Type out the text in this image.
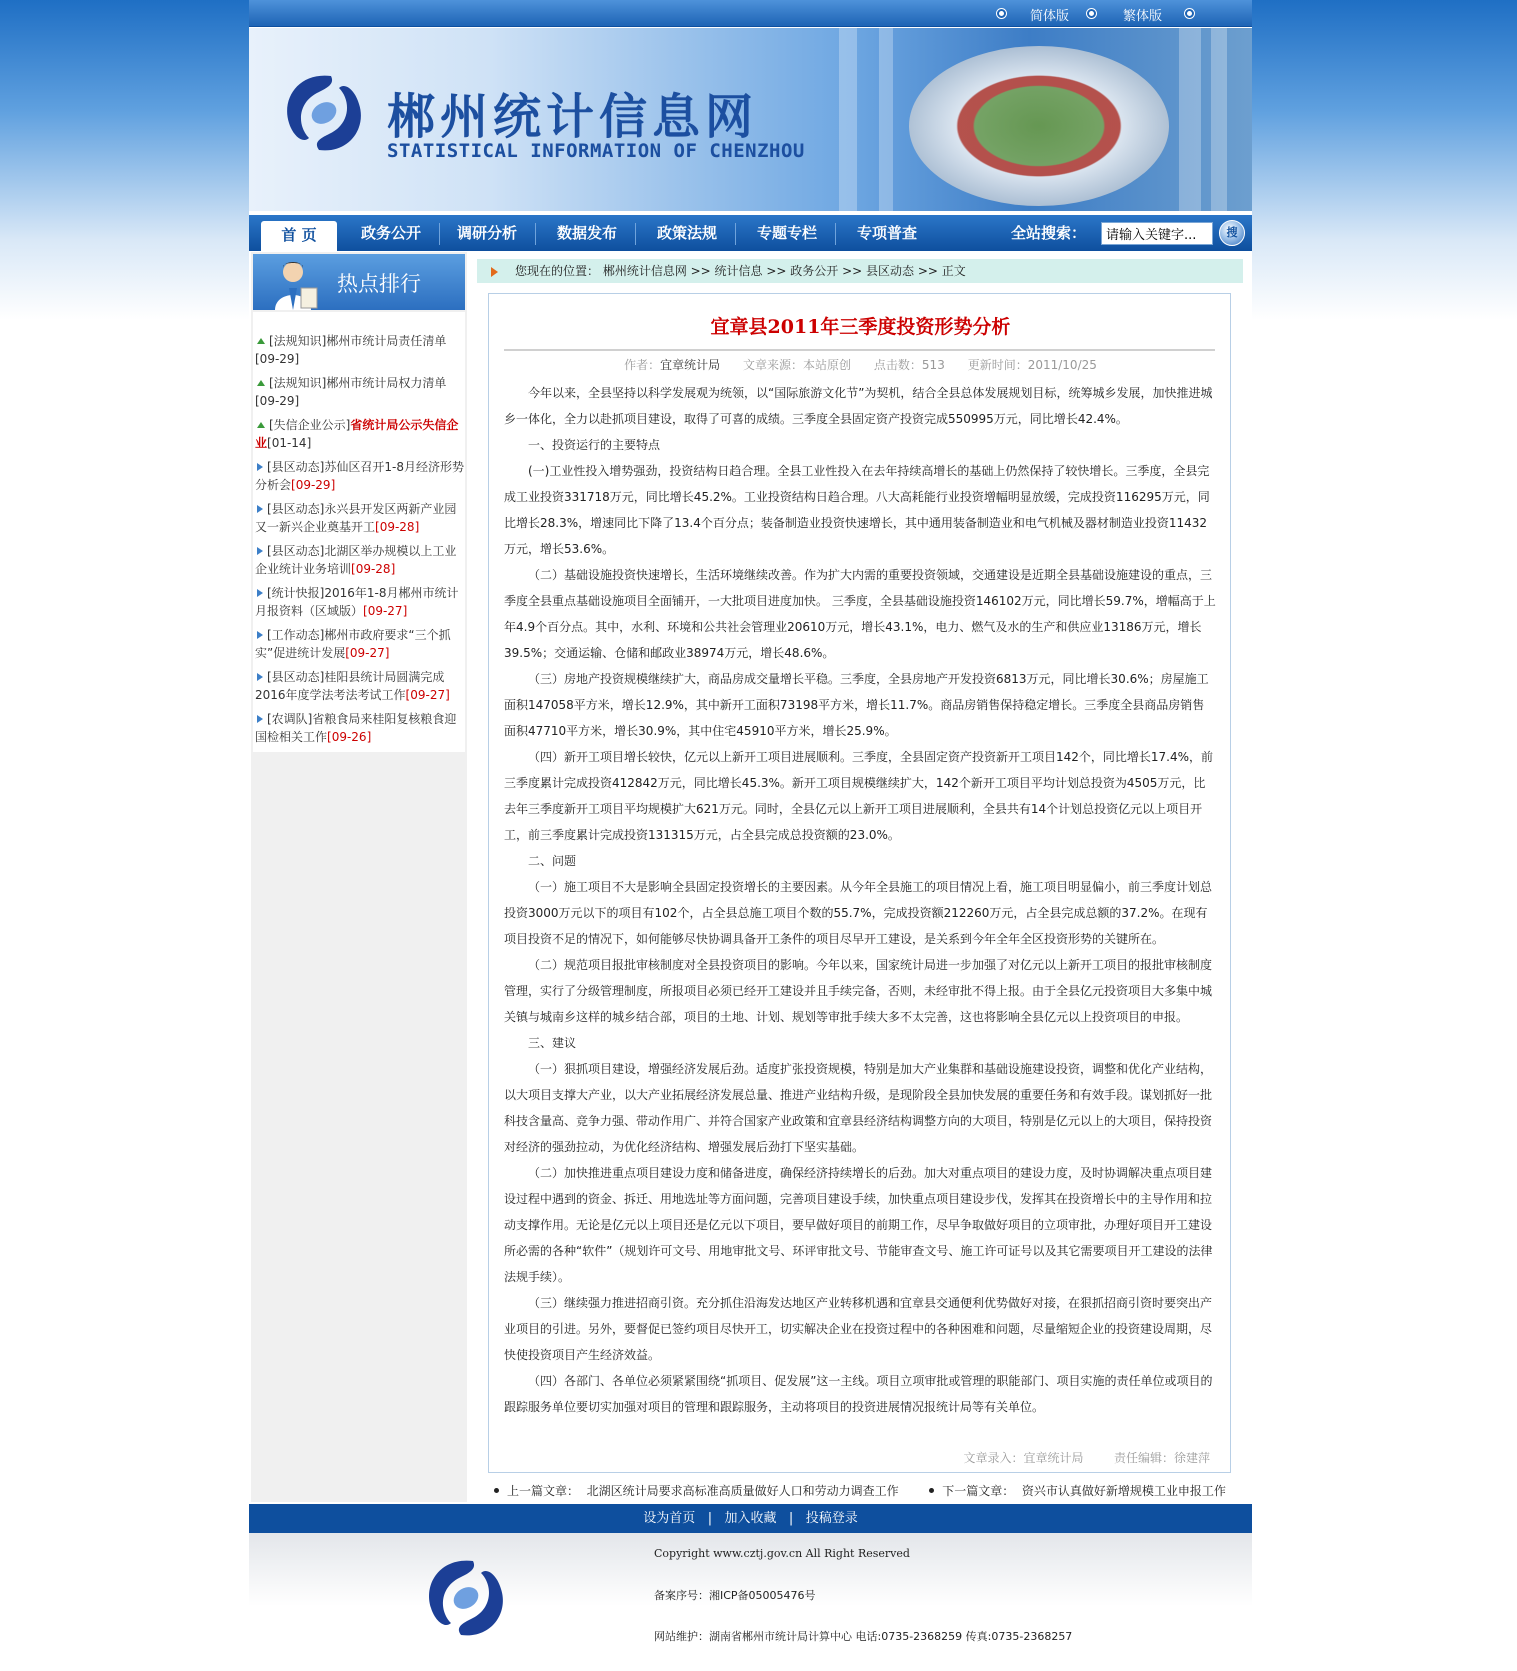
简体版	繁体版
郴州统计信息网
STATISTICAL INFORMATION OF CHENZHOU
首 页	政务公开	调研分析	数据发布	政策法规	专题专栏	专项普查	全站搜索：
请输入关键字...	搜
热点排行
[法规知识]郴州市统计局责任清单
[09-29]
[法规知识]郴州市统计局权力清单
[09-29]
[失信企业公示]省统计局公示失信企业[01-14]
[县区动态]苏仙区召开1-8月经济形势分析会[09-29]
[县区动态]永兴县开发区两新产业园又一新兴企业奠基开工[09-28]
[县区动态]北湖区举办规模以上工业企业统计业务培训[09-28]
[统计快报]2016年1-8月郴州市统计月报资料（区域版）[09-27]
[工作动态]郴州市政府要求“三个抓实”促进统计发展[09-27]
[县区动态]桂阳县统计局圆满完成2016年度学法考法考试工作[09-27]
[农调队]省粮食局来桂阳复核粮食迎国检相关工作[09-26]
您现在的位置： 郴州统计信息网 >> 统计信息 >> 政务公开 >> 县区动态 >> 正文
宜章县2011年三季度投资形势分析
作者：宜章统计局 文章来源：本站原创 点击数：513 更新时间：2011/10/25

今年以来，全县坚持以科学发展观为统领，以“国际旅游文化节”为契机，结合全县总体发展规划目标，统筹城乡发展，加快推进城乡一体化，全力以赴抓项目建设，取得了可喜的成绩。三季度全县固定资产投资完成550995万元，同比增长42.4%。

一、投资运行的主要特点

(一)工业性投入增势强劲，投资结构日趋合理。全县工业性投入在去年持续高增长的基础上仍然保持了较快增长。三季度，全县完成工业投资331718万元，同比增长45.2%。工业投资结构日趋合理。八大高耗能行业投资增幅明显放缓，完成投资116295万元，同比增长28.3%，增速同比下降了13.4个百分点；装备制造业投资快速增长，其中通用装备制造业和电气机械及器材制造业投资11432万元，增长53.6%。

（二）基础设施投资快速增长，生活环境继续改善。作为扩大内需的重要投资领域，交通建设是近期全县基础设施建设的重点，三季度全县重点基础设施项目全面铺开，一大批项目进度加快。 三季度，全县基础设施投资146102万元，同比增长59.7%，增幅高于上年4.9个百分点。其中，水利、环境和公共社会管理业20610万元，增长43.1%，电力、燃气及水的生产和供应业13186万元，增长39.5%；交通运输、仓储和邮政业38974万元，增长48.6%。

（三）房地产投资规模继续扩大，商品房成交量增长平稳。三季度，全县房地产开发投资6813万元，同比增长30.6%；房屋施工面积147058平方米，增长12.9%，其中新开工面积73198平方米，增长11.7%。商品房销售保持稳定增长。三季度全县商品房销售面积47710平方米，增长30.9%，其中住宅45910平方米，增长25.9%。

（四）新开工项目增长较快，亿元以上新开工项目进展顺利。三季度，全县固定资产投资新开工项目142个，同比增长17.4%，前三季度累计完成投资412842万元，同比增长45.3%。新开工项目规模继续扩大，142个新开工项目平均计划总投资为4505万元，比去年三季度新开工项目平均规模扩大621万元。同时，全县亿元以上新开工项目进展顺利，全县共有14个计划总投资亿元以上项目开工，前三季度累计完成投资131315万元，占全县完成总投资额的23.0%。

二、问题

（一）施工项目不大是影响全县固定投资增长的主要因素。从今年全县施工的项目情况上看，施工项目明显偏小，前三季度计划总投资3000万元以下的项目有102个，占全县总施工项目个数的55.7%，完成投资额212260万元，占全县完成总额的37.2%。在现有项目投资不足的情况下，如何能够尽快协调具备开工条件的项目尽早开工建设，是关系到今年全年全区投资形势的关键所在。

（二）规范项目报批审核制度对全县投资项目的影响。今年以来，国家统计局进一步加强了对亿元以上新开工项目的报批审核制度管理，实行了分级管理制度，所报项目必须已经开工建设并且手续完备，否则，未经审批不得上报。由于全县亿元投资项目大多集中城关镇与城南乡这样的城乡结合部，项目的土地、计划、规划等审批手续大多不太完善，这也将影响全县亿元以上投资项目的申报。

三、建议

（一）狠抓项目建设，增强经济发展后劲。适度扩张投资规模，特别是加大产业集群和基础设施建设投资，调整和优化产业结构，以大项目支撑大产业，以大产业拓展经济发展总量、推进产业结构升级，是现阶段全县加快发展的重要任务和有效手段。谋划抓好一批科技含量高、竞争力强、带动作用广、并符合国家产业政策和宜章县经济结构调整方向的大项目，特别是亿元以上的大项目，保持投资对经济的强劲拉动，为优化经济结构、增强发展后劲打下坚实基础。

（二）加快推进重点项目建设力度和储备进度，确保经济持续增长的后劲。加大对重点项目的建设力度，及时协调解决重点项目建设过程中遇到的资金、拆迁、用地选址等方面问题，完善项目建设手续，加快重点项目建设步伐，发挥其在投资增长中的主导作用和拉动支撑作用。无论是亿元以上项目还是亿元以下项目，要早做好项目的前期工作，尽早争取做好项目的立项审批，办理好项目开工建设所必需的各种“软件”（规划许可文号、用地审批文号、环评审批文号、节能审查文号、施工许可证号以及其它需要项目开工建设的法律法规手续）。

（三）继续强力推进招商引资。充分抓住沿海发达地区产业转移机遇和宜章县交通便利优势做好对接，在狠抓招商引资时要突出产业项目的引进。另外，要督促已签约项目尽快开工，切实解决企业在投资过程中的各种困难和问题，尽量缩短企业的投资建设周期，尽快使投资项目产生经济效益。

（四）各部门、各单位必须紧紧围绕“抓项目、促发展”这一主线。项目立项审批或管理的职能部门、项目实施的责任单位或项目的跟踪服务单位要切实加强对项目的管理和跟踪服务，主动将项目的投资进展情况报统计局等有关单位。

文章录入：宜章统计局	责任编辑：徐建萍
上一篇文章： 北湖区统计局要求高标准高质量做好人口和劳动力调查工作	下一篇文章： 资兴市认真做好新增规模工业申报工作
设为首页   |   加入收藏   |   投稿登录
Copyright www.cztj.gov.cn All Right Reserved
备案序号：湘ICP备05005476号
网站维护：湖南省郴州市统计局计算中心 电话:0735-2368259 传真:0735-2368257
